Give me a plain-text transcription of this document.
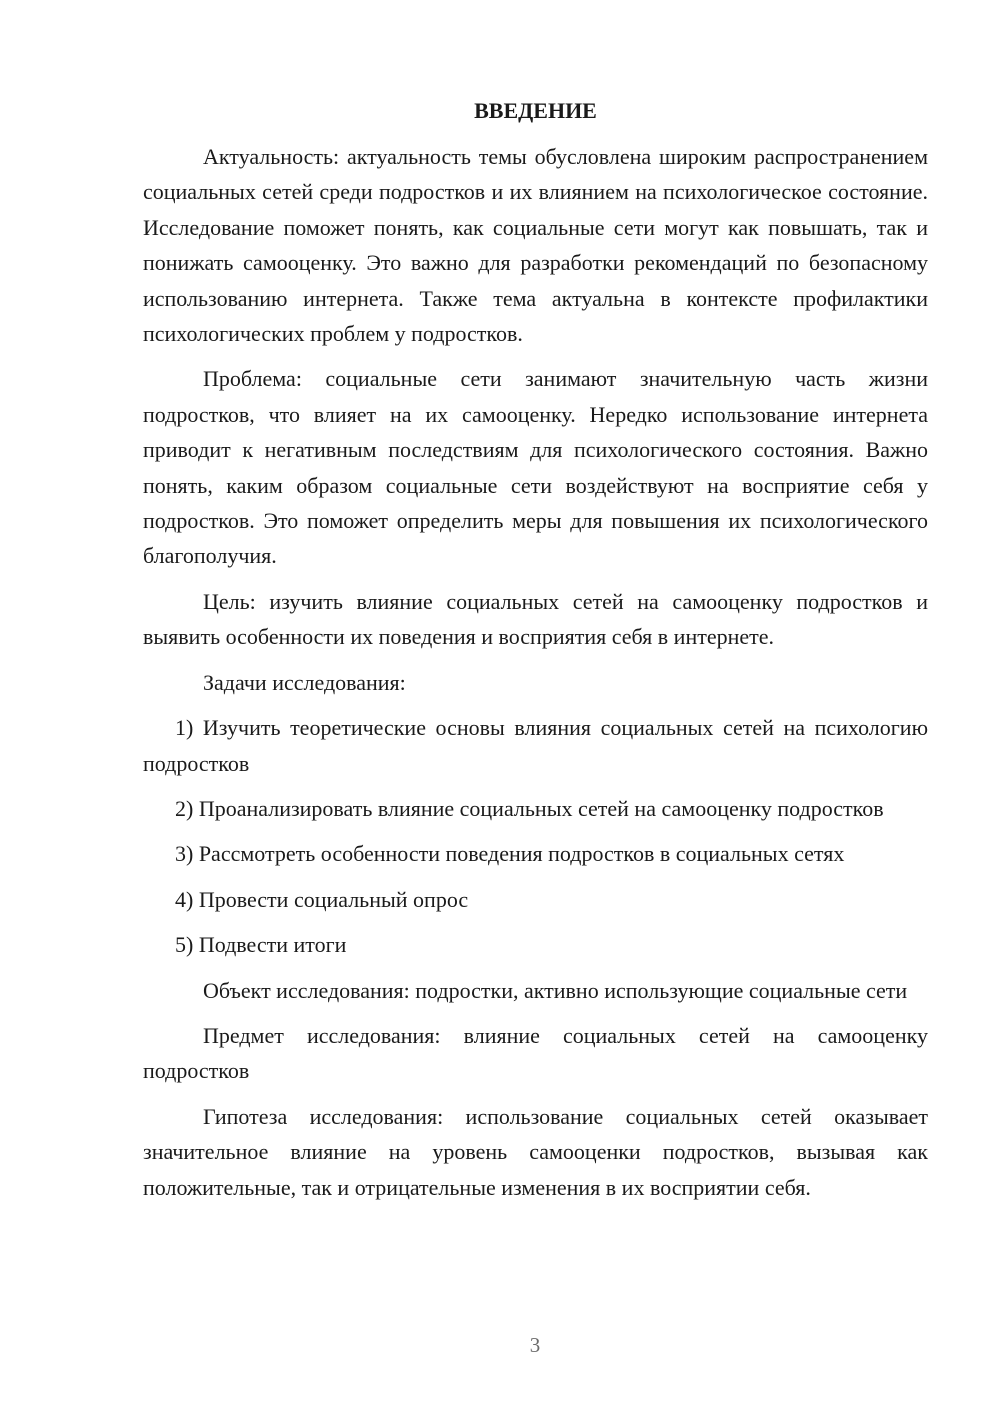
ВВЕДЕНИЕ

Актуальность: актуальность темы обусловлена широким распространением социальных сетей среди подростков и их влиянием на психологическое состояние. Исследование поможет понять, как социальные сети могут как повышать, так и понижать самооценку. Это важно для разработки рекомендаций по безопасному использованию интернета. Также тема актуальна в контексте профилактики психологических проблем у подростков.

Проблема: социальные сети занимают значительную часть жизни подростков, что влияет на их самооценку. Нередко использование интернета приводит к негативным последствиям для психологического состояния. Важно понять, каким образом социальные сети воздействуют на восприятие себя у подростков. Это поможет определить меры для повышения их психологического благополучия.

Цель: изучить влияние социальных сетей на самооценку подростков и выявить особенности их поведения и восприятия себя в интернете.

Задачи исследования:

1) Изучить теоретические основы влияния социальных сетей на психологию подростков

2) Проанализировать влияние социальных сетей на самооценку подростков

3) Рассмотреть особенности поведения подростков в социальных сетях

4) Провести социальный опрос

5) Подвести итоги

Объект исследования: подростки, активно использующие социальные сети

Предмет исследования: влияние социальных сетей на самооценку подростков

Гипотеза исследования: использование социальных сетей оказывает значительное влияние на уровень самооценки подростков, вызывая как положительные, так и отрицательные изменения в их восприятии себя.

3
